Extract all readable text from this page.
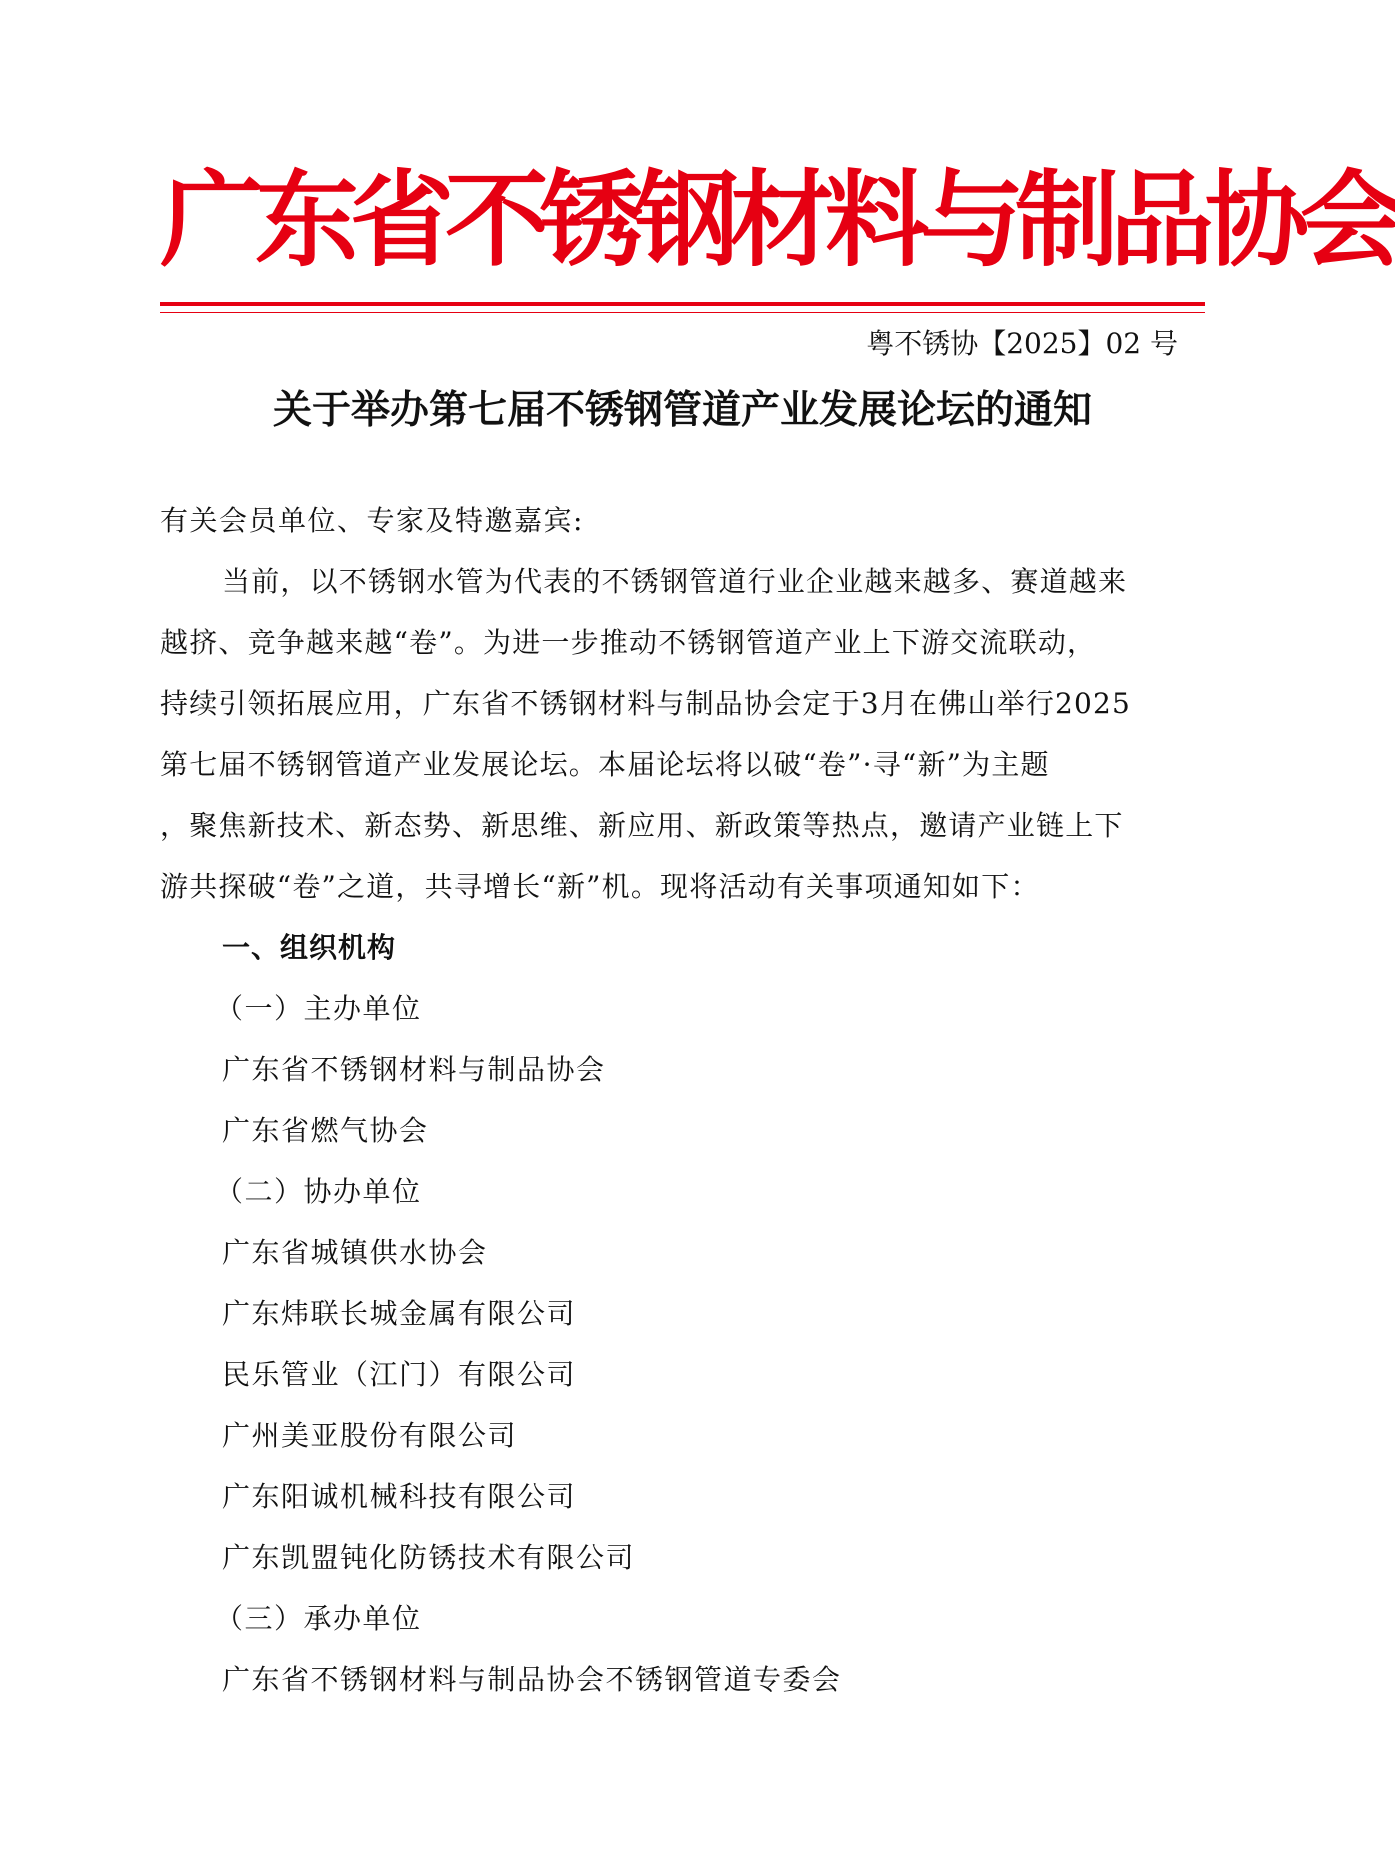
广东省不锈钢材料与制品协会
粤不锈协【2025】02 号
关于举办第七届不锈钢管道产业发展论坛的通知

有关会员单位、专家及特邀嘉宾:

当前，以不锈钢水管为代表的不锈钢管道行业企业越来越多、赛道越来

越挤、竞争越来越“卷”。为进一步推动不锈钢管道产业上下游交流联动，

持续引领拓展应用，广东省不锈钢材料与制品协会定于3月在佛山举行2025

第七届不锈钢管道产业发展论坛。本届论坛将以破“卷”·寻“新”为主题

，聚焦新技术、新态势、新思维、新应用、新政策等热点，邀请产业链上下

游共探破“卷”之道，共寻增长“新”机。现将活动有关事项通知如下：

一、组织机构

（一）主办单位

广东省不锈钢材料与制品协会

广东省燃气协会

（二）协办单位

广东省城镇供水协会

广东炜联长城金属有限公司

民乐管业（江门）有限公司

广州美亚股份有限公司

广东阳诚机械科技有限公司

广东凯盟钝化防锈技术有限公司

（三）承办单位

广东省不锈钢材料与制品协会不锈钢管道专委会
